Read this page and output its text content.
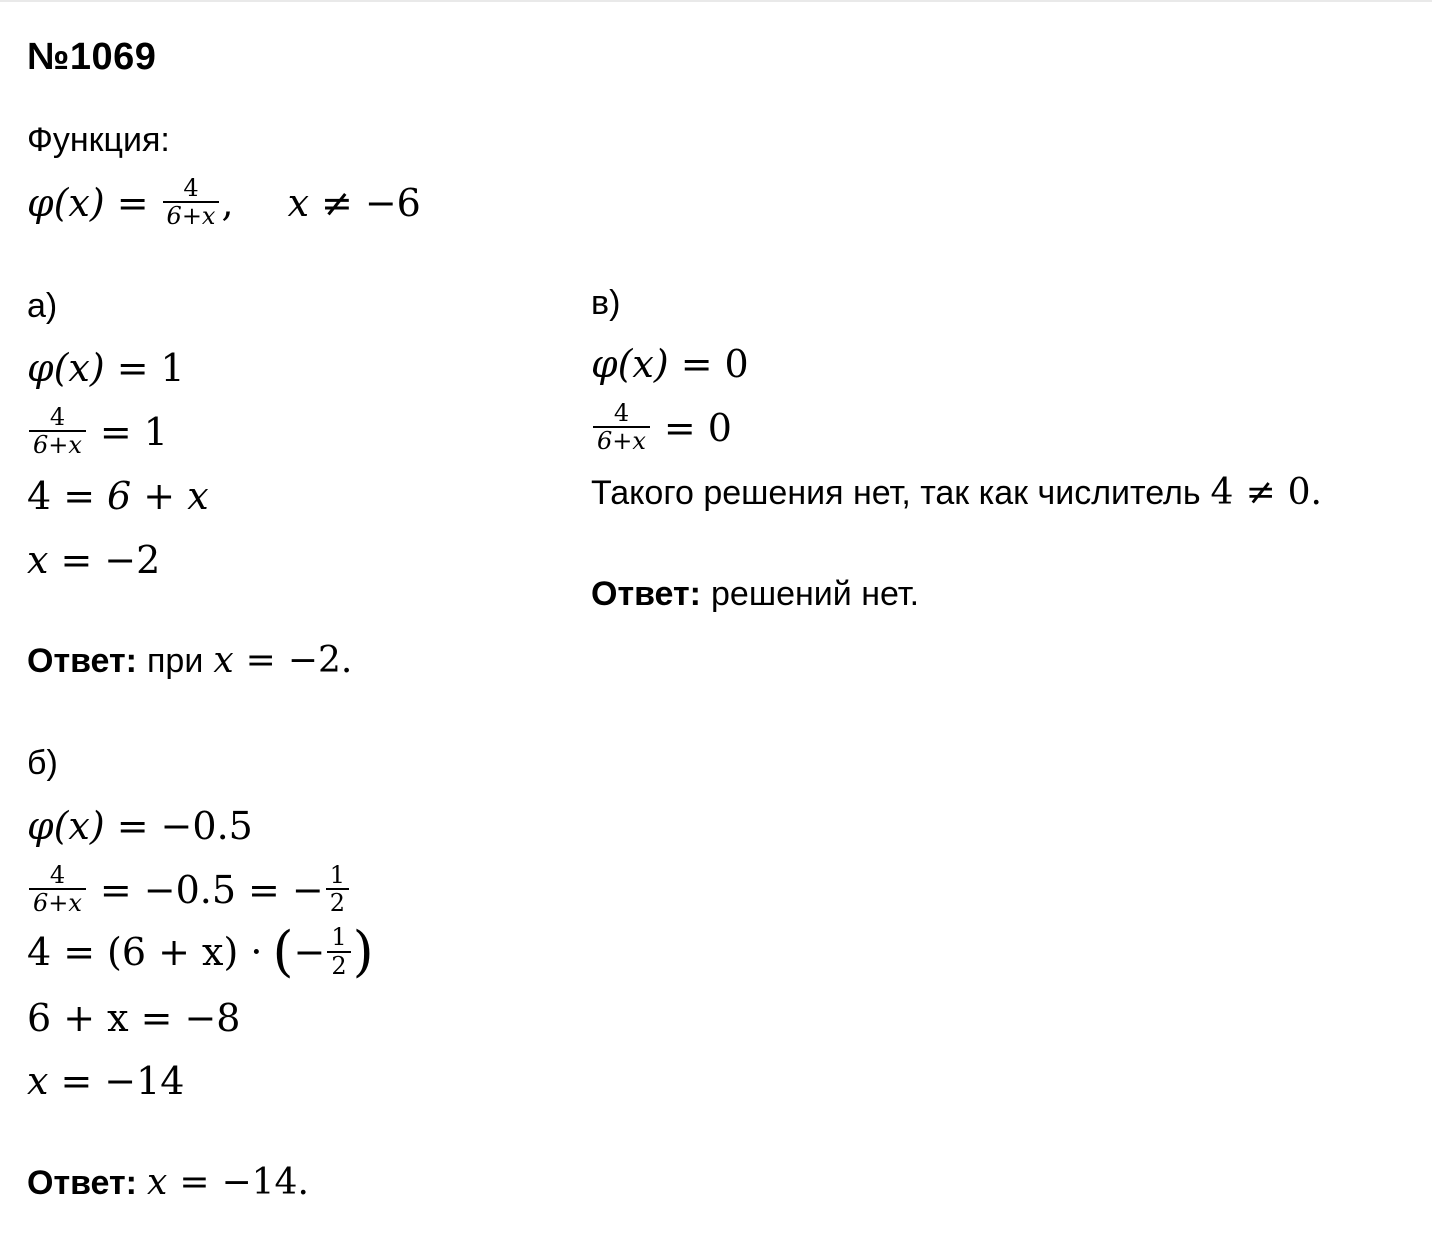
№1069
Функция:
$\varphi(x) = \frac{4}{6+x}$ , x ≠ −6
а)
φ(x) = 1
$\frac{4}{6+x} = 1$
4 = 6 + x
x = −2
Ответ: при x = −2.
б)
φ(x) = −0.5
$\frac{4}{6+x} = -0.5$ = − $\frac{1}{2}$
4 = (6 + x) · ( − $\frac{1}{2}$ )
6 + x = −8
x = −14
Ответ: x = −14.
в)
φ(x) = 0
$\frac{4}{6+x} = 0$
Такого решения нет, так как числитель 4 ≠ 0.
Ответ: решений нет.
